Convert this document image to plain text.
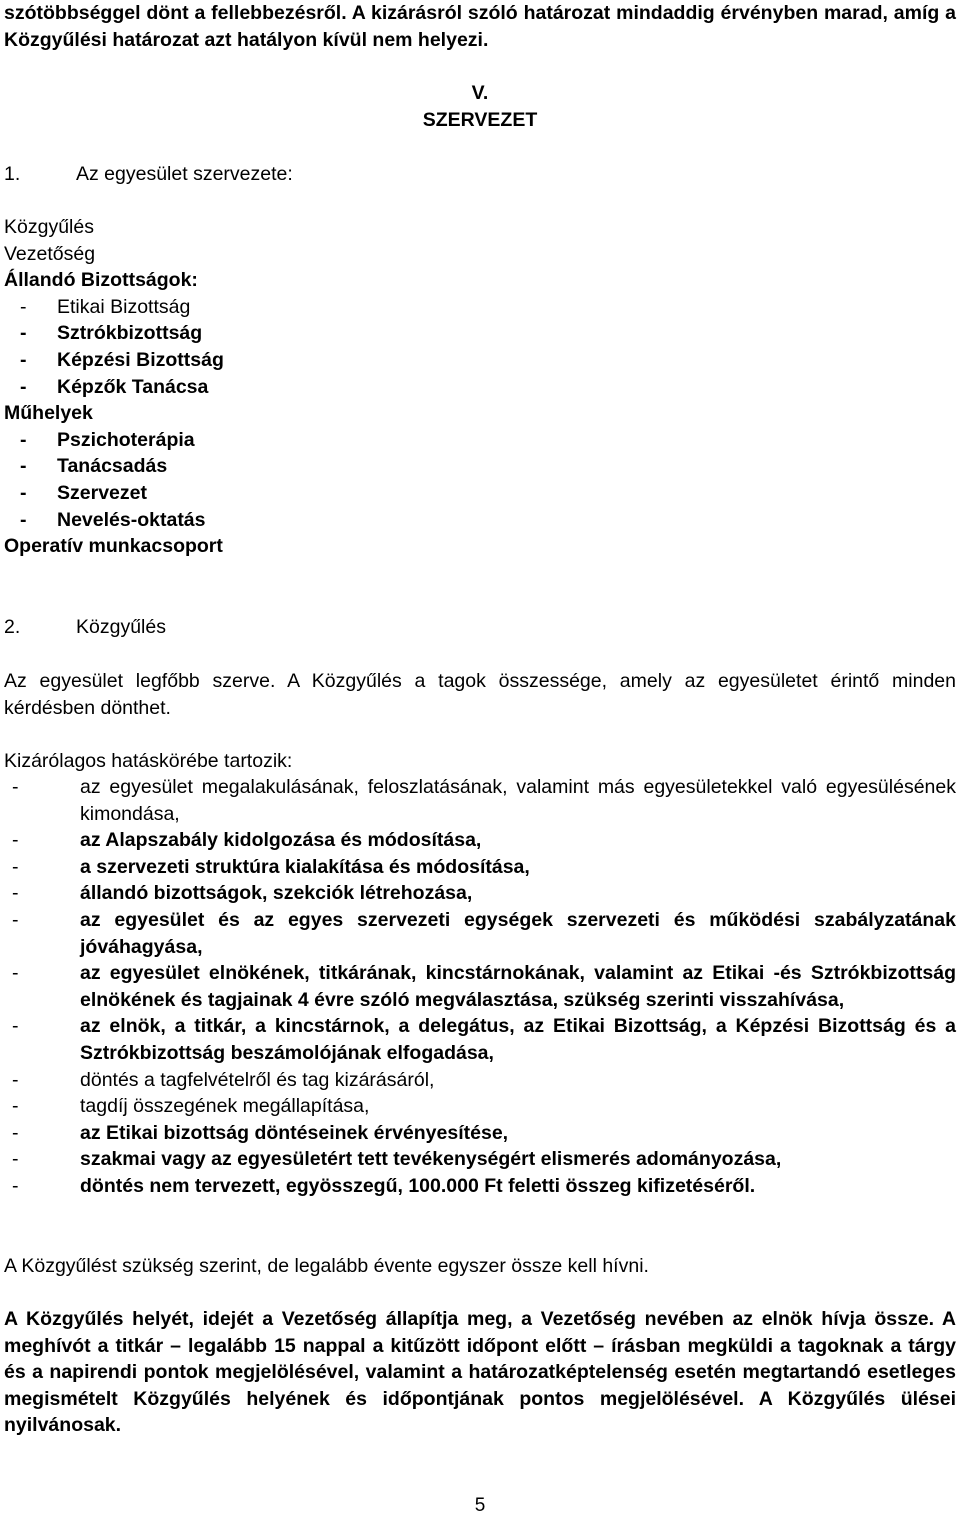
szótöbbséggel dönt a fellebbezésről. A kizárásról szóló határozat mindaddig érvényben marad, amíg a Közgyűlési határozat azt hatályon kívül nem helyezi.
V.
SZERVEZET
1.	Az egyesület szervezete:
Közgyűlés
Vezetőség
Állandó Bizottságok:
- Etikai Bizottság
- Sztrókbizottság
- Képzési Bizottság
- Képzők Tanácsa
Műhelyek
- Pszichoterápia
- Tanácsadás
- Szervezet
- Nevelés-oktatás
Operatív munkacsoport
2.	Közgyűlés
Az egyesület legfőbb szerve. A Közgyűlés a tagok összessége, amely az egyesületet érintő minden kérdésben dönthet.
Kizárólagos hatáskörébe tartozik:
-	az egyesület megalakulásának, feloszlatásának, valamint más egyesületekkel való egyesülésének kimondása,
-	az Alapszabály kidolgozása és módosítása,
-	a szervezeti struktúra kialakítása és módosítása,
-	állandó bizottságok, szekciók létrehozása,
-	az egyesület és az egyes szervezeti egységek szervezeti és működési szabályzatának jóváhagyása,
-	az egyesület elnökének, titkárának, kincstárnokának, valamint az Etikai -és Sztrókbizottság elnökének és tagjainak 4 évre szóló megválasztása, szükség szerinti visszahívása,
-	az elnök, a titkár, a kincstárnok, a delegátus, az Etikai Bizottság, a Képzési Bizottság és a Sztrókbizottság beszámolójának elfogadása,
-	döntés a tagfelvételről és tag kizárásáról,
-	tagdíj összegének megállapítása,
-	az Etikai bizottság döntéseinek érvényesítése,
-	szakmai vagy az egyesületért tett tevékenységért elismerés adományozása,
-	döntés nem tervezett, egyösszegű, 100.000 Ft feletti összeg kifizetéséről.
A Közgyűlést szükség szerint, de legalább évente egyszer össze kell hívni.
A Közgyűlés helyét, idejét a Vezetőség állapítja meg, a Vezetőség nevében az elnök hívja össze. A meghívót a titkár – legalább 15 nappal a kitűzött időpont előtt – írásban megküldi a tagoknak a tárgy és a napirendi pontok megjelölésével, valamint a határozatképtelenség esetén megtartandó esetleges megismételt Közgyűlés helyének és időpontjának pontos megjelölésével. A Közgyűlés ülései nyilvánosak.
5
